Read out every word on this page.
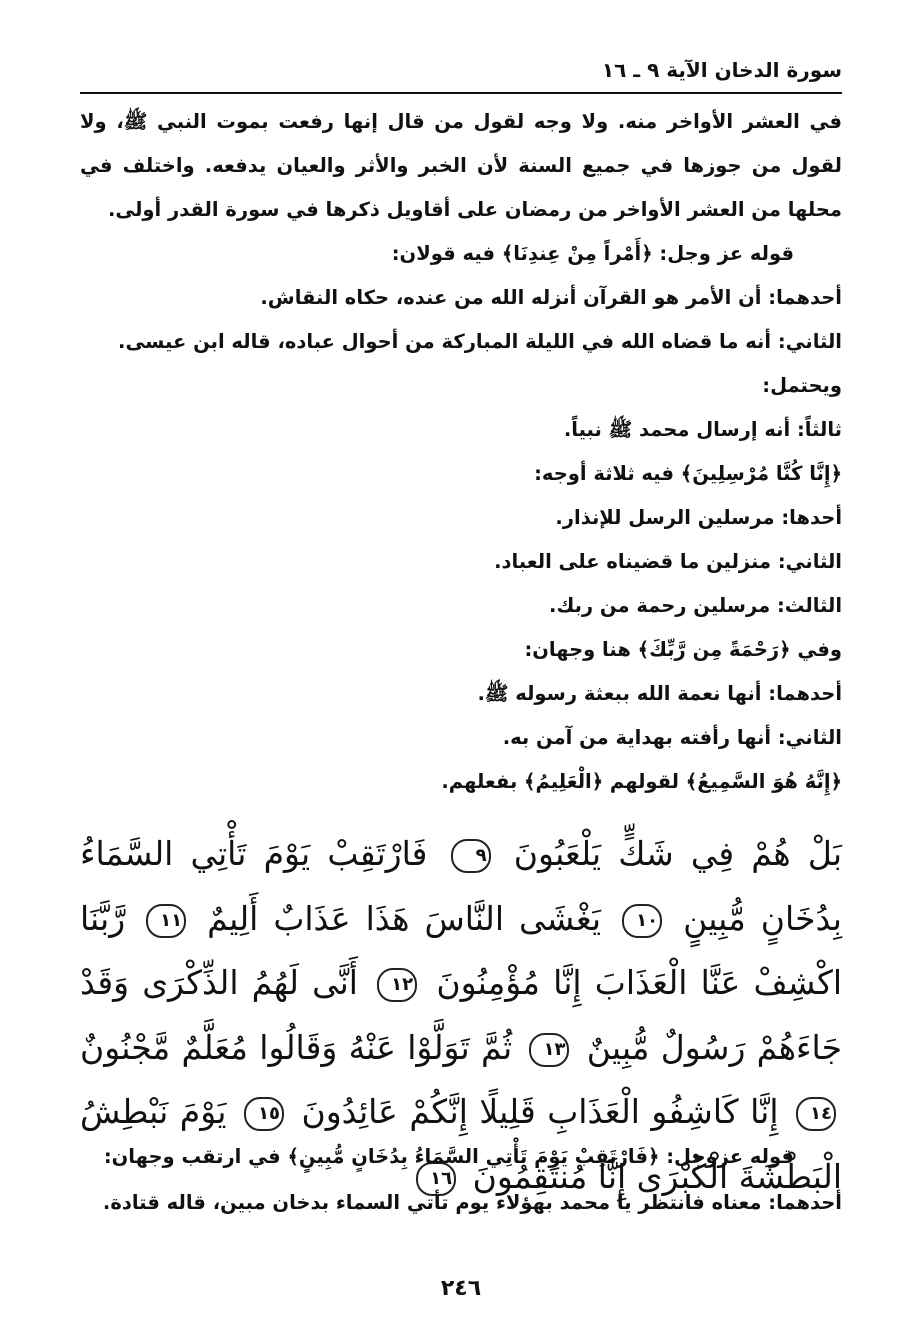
سورة الدخان الآية ٩ ـ ١٦

في العشر الأواخر منه. ولا وجه لقول من قال إنها رفعت بموت النبي ﷺ، ولا لقول من جوزها في جميع السنة لأن الخبر والأثر والعيان يدفعه. واختلف في محلها من العشر الأواخر من رمضان على أقاويل ذكرها في سورة القدر أولى.

قوله عز وجل: ﴿أَمْراً مِنْ عِندِنَا﴾ فيه قولان:

أحدهما: أن الأمر هو القرآن أنزله الله من عنده، حكاه النقاش.

الثاني: أنه ما قضاه الله في الليلة المباركة من أحوال عباده، قاله ابن عيسى.

ويحتمل:

ثالثاً: أنه إرسال محمد ﷺ نبياً.

﴿إِنَّا كُنَّا مُرْسِلِينَ﴾ فيه ثلاثة أوجه:

أحدها: مرسلين الرسل للإنذار.

الثاني: منزلين ما قضيناه على العباد.

الثالث: مرسلين رحمة من ربك.

وفي ﴿رَحْمَةً مِن رَّبِّكَ﴾ هنا وجهان:

أحدهما: أنها نعمة الله ببعثة رسوله ﷺ.

الثاني: أنها رأفته بهداية من آمن به.

﴿إِنَّهُ هُوَ السَّمِيعُ﴾ لقولهم ﴿الْعَلِيمُ﴾ بفعلهم.

بَلْ هُمْ فِي شَكٍّ يَلْعَبُونَ ٩ فَارْتَقِبْ يَوْمَ تَأْتِي السَّمَاءُ بِدُخَانٍ مُّبِينٍ ١٠ يَغْشَى النَّاسَ هَذَا عَذَابٌ أَلِيمٌ ١١ رَّبَّنَا اكْشِفْ عَنَّا الْعَذَابَ إِنَّا مُؤْمِنُونَ ١٢ أَنَّى لَهُمُ الذِّكْرَى وَقَدْ جَاءَهُمْ رَسُولٌ مُّبِينٌ ١٣ ثُمَّ تَوَلَّوْا عَنْهُ وَقَالُوا مُعَلَّمٌ مَّجْنُونٌ ١٤ إِنَّا كَاشِفُو الْعَذَابِ قَلِيلًا إِنَّكُمْ عَائِدُونَ ١٥ يَوْمَ نَبْطِشُ الْبَطْشَةَ الْكُبْرَى إِنَّا مُنتَقِمُونَ ١٦

قوله عزوجل: ﴿فَارْتَقِبْ يَوْمَ تَأْتِي السَّمَاءُ بِدُخَانٍ مُّبِينٍ﴾ في ارتقب وجهان:

أحدهما: معناه فانتظر يا محمد بهؤلاء يوم تأتي السماء بدخان مبين، قاله قتادة.

٢٤٦
